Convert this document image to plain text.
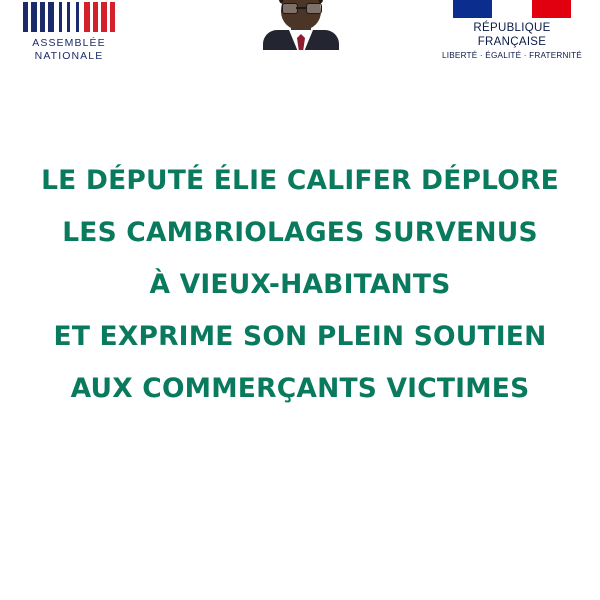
ASSEMBLÉE
NATIONALE
RÉPUBLIQUE FRANÇAISE
LIBERTÉ · ÉGALITÉ · FRATERNITÉ
LE DÉPUTÉ ÉLIE CALIFER DÉPLORE
LES CAMBRIOLAGES SURVENUS
À VIEUX-HABITANTS
ET EXPRIME SON PLEIN SOUTIEN
AUX COMMERÇANTS VICTIMES
